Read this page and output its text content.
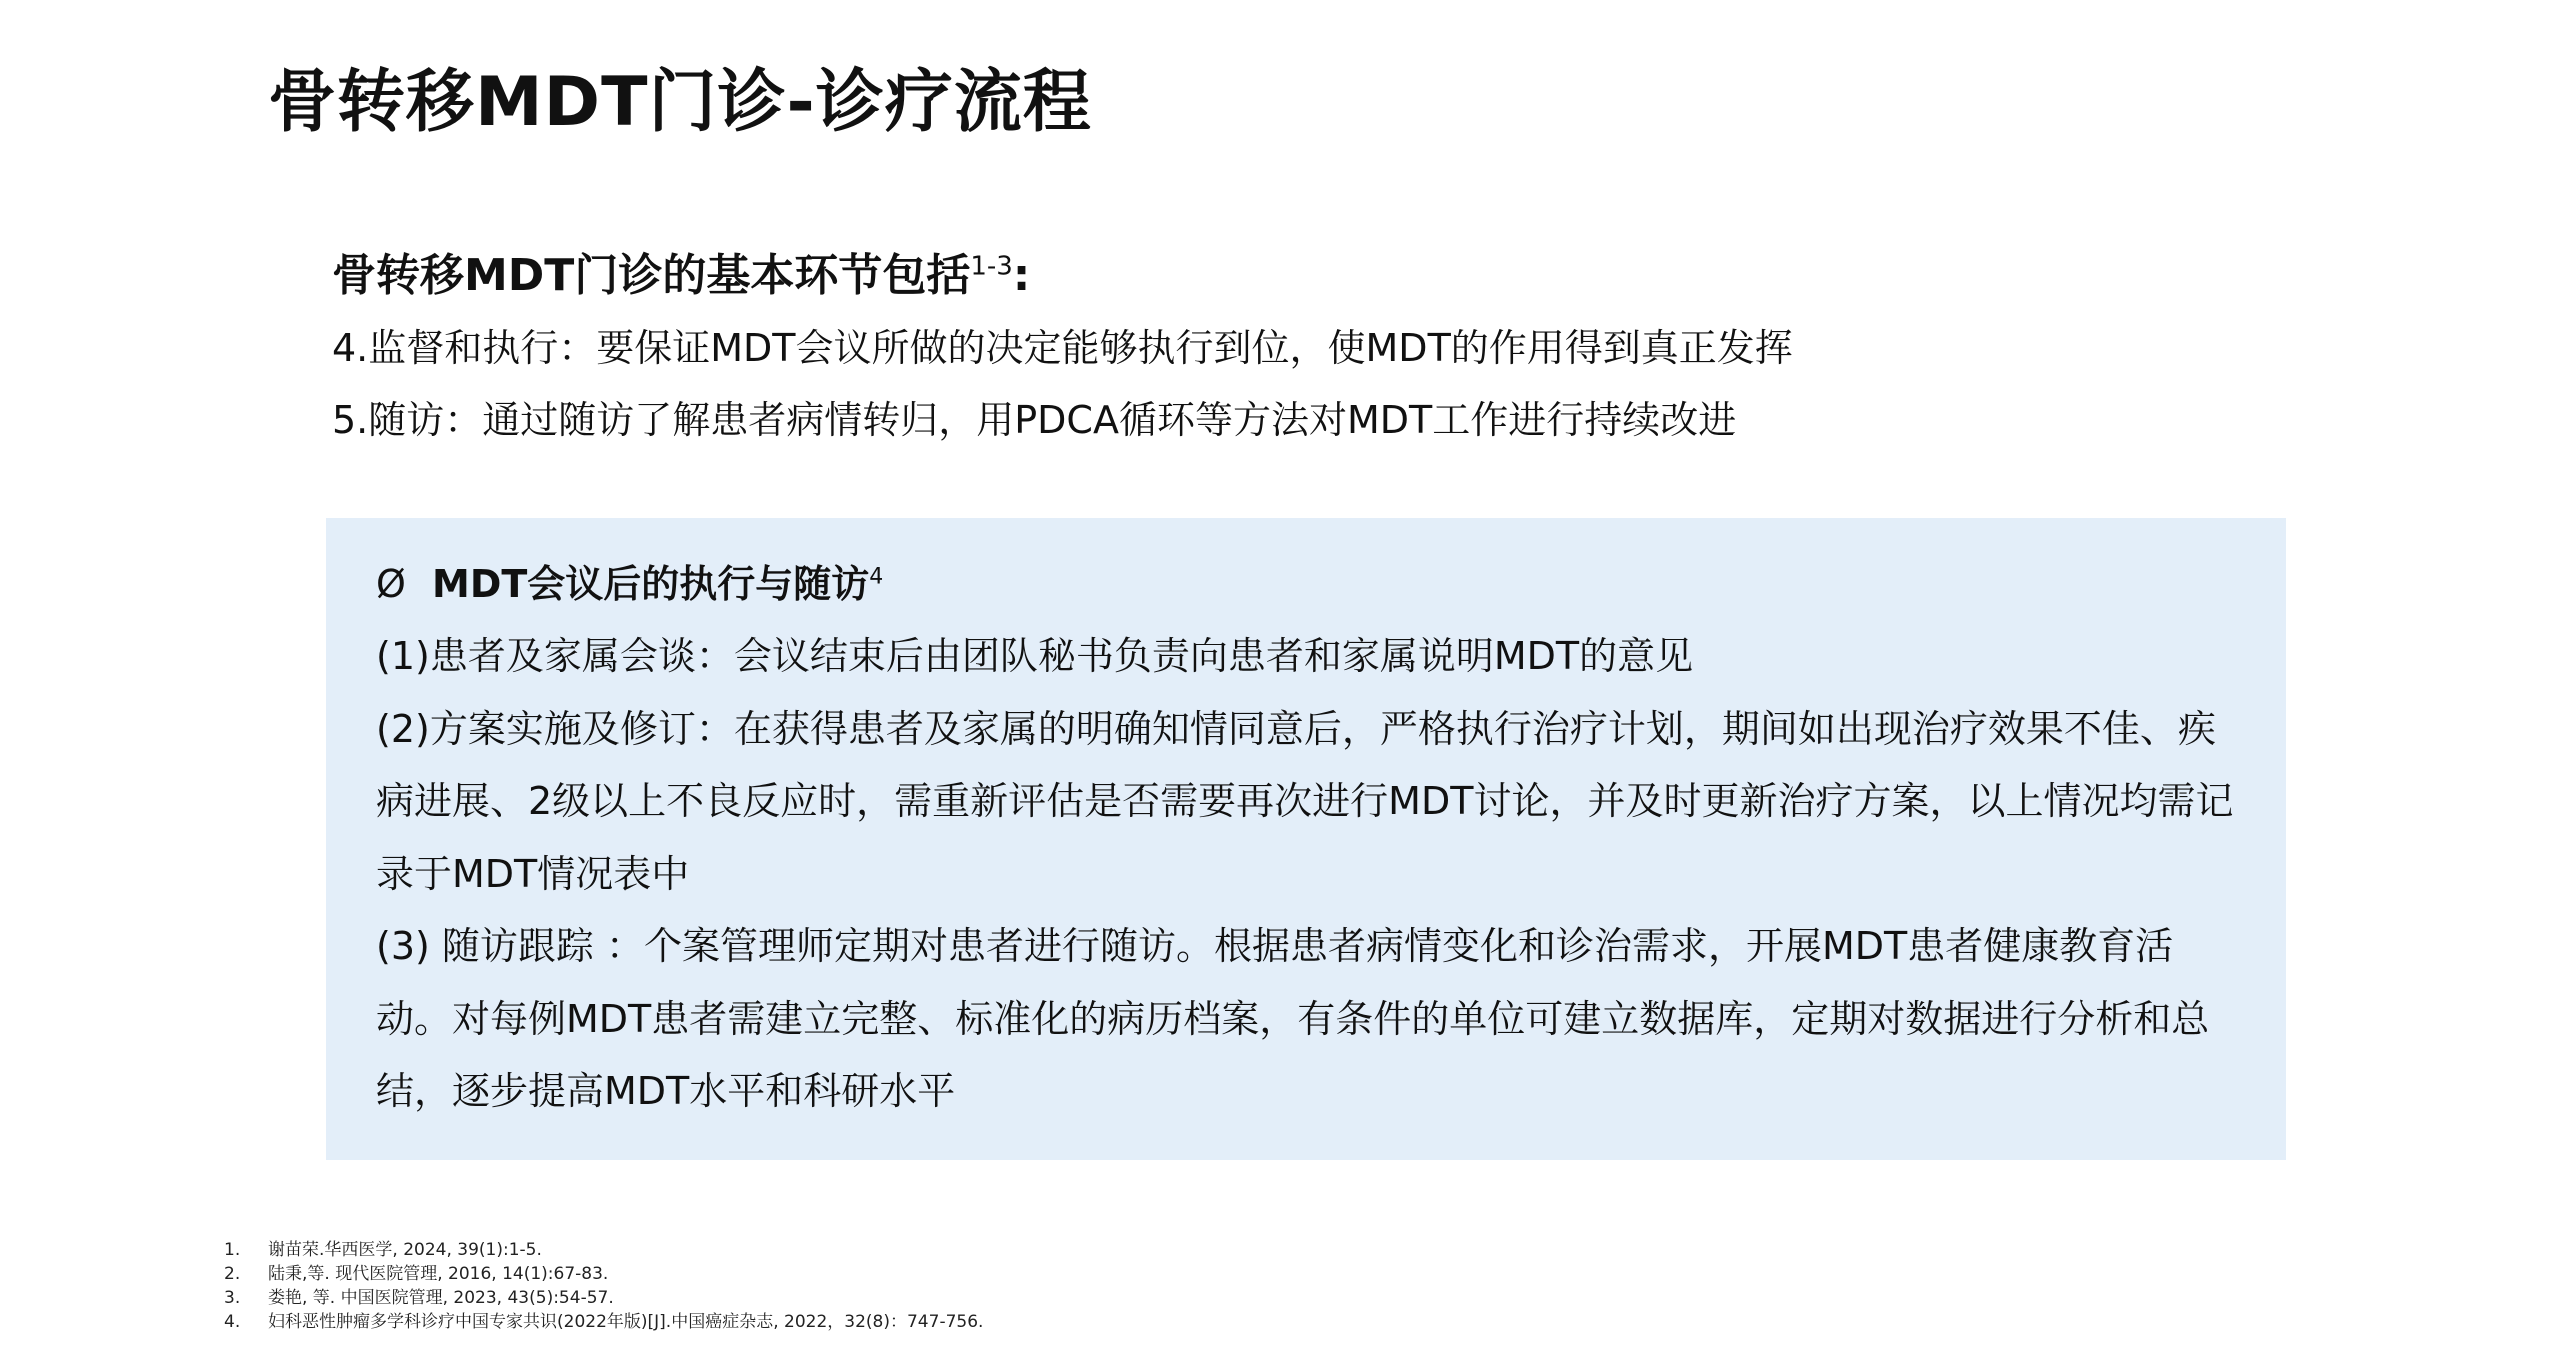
骨转移MDT门诊-诊疗流程
骨转移MDT门诊的基本环节包括$^{1-3}$:
4.监督和执行：要保证MDT会议所做的决定能够执行到位，使MDT的作用得到真正发挥
5.随访：通过随访了解患者病情转归，用PDCA循环等方法对MDT工作进行持续改进
Ø MDT会议后的执行与随访$^4$
(1)患者及家属会谈：会议结束后由团队秘书负责向患者和家属说明MDT的意见
(2)方案实施及修订：在获得患者及家属的明确知情同意后，严格执行治疗计划，期间如出现治疗效果不佳、疾病进展、2级以上不良反应时，需重新评估是否需要再次进行MDT讨论，并及时更新治疗方案，以上情况均需记录于MDT情况表中
(3) 随访跟踪 ：个案管理师定期对患者进行随访。根据患者病情变化和诊治需求，开展MDT患者健康教育活动。对每例MDT患者需建立完整、标准化的病历档案，有条件的单位可建立数据库，定期对数据进行分析和总结，逐步提高MDT水平和科研水平
1.	谢苗荣.华西医学, 2024, 39(1):1-5.
2.	陆秉,等. 现代医院管理, 2016, 14(1):67-83.
3.	娄艳, 等. 中国医院管理, 2023, 43(5):54-57.
4.	妇科恶性肿瘤多学科诊疗中国专家共识(2022年版)[J].中国癌症杂志, 2022，32(8)：747-756.
